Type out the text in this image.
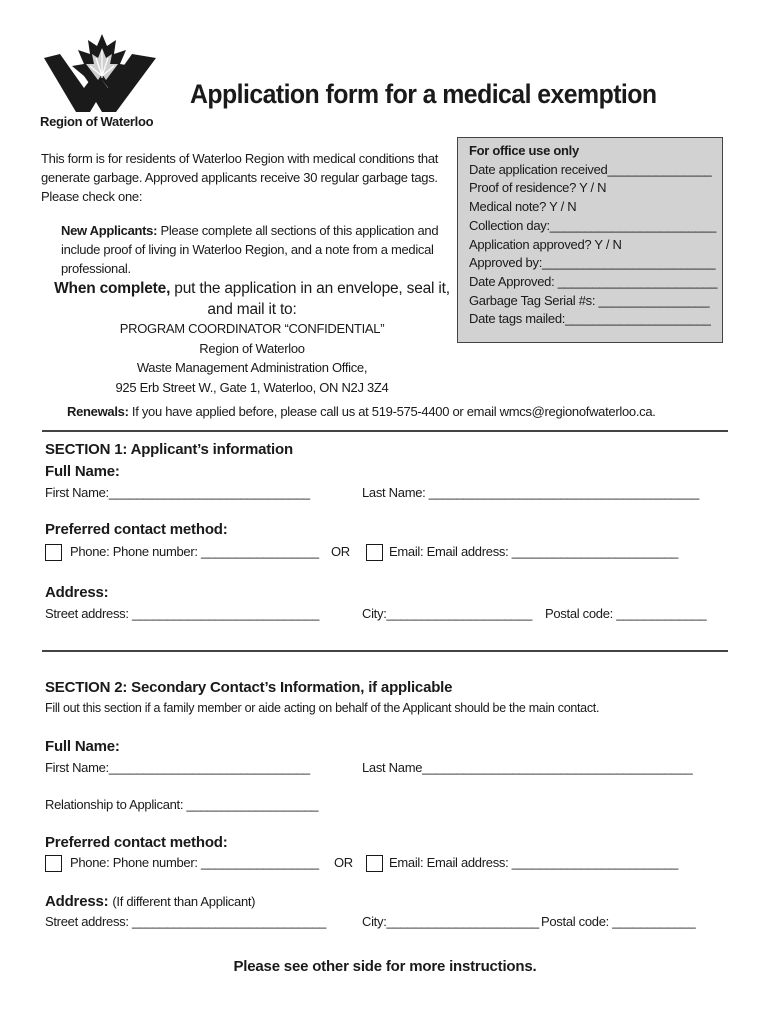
Region of Waterloo
Application form for a medical exemption
This form is for residents of Waterloo Region with medical conditions that generate garbage. Approved applicants receive 30 regular garbage tags. Please check one:
New Applicants: Please complete all sections of this application and include proof of living in Waterloo Region, and a note from a medical professional.
When complete, put the application in an envelope, seal it, and mail it to:
PROGRAM COORDINATOR “CONFIDENTIAL”
Region of Waterloo
Waste Management Administration Office,
925 Erb Street W., Gate 1, Waterloo, ON N2J 3Z4
For office use only
Date application received_______________
Proof of residence? Y / N
Medical note? Y / N
Collection day:________________________
Application approved? Y / N
Approved by:_________________________
Date Approved: _______________________
Garbage Tag Serial #s: ________________
Date tags mailed:_____________________
Renewals: If you have applied before, please call us at 519-575-4400 or email wmcs@regionofwaterloo.ca.
SECTION 1: Applicant’s information
Full Name:
First Name:_____________________________	Last Name: _______________________________________
Preferred contact method:
Phone: Phone number: _________________ OR	Email: Email address: ________________________
Address:
Street address: ___________________________	City:_____________________ Postal code: _____________
SECTION 2: Secondary Contact’s Information, if applicable
Fill out this section if a family member or aide acting on behalf of the Applicant should be the main contact.
Full Name:
First Name:_____________________________	Last Name_______________________________________
Relationship to Applicant: ___________________
Preferred contact method:
Phone: Phone number: _________________ OR	Email: Email address: ________________________
Address: (If different than Applicant)
Street address: ____________________________	City:______________________ Postal code: ____________
Please see other side for more instructions.
